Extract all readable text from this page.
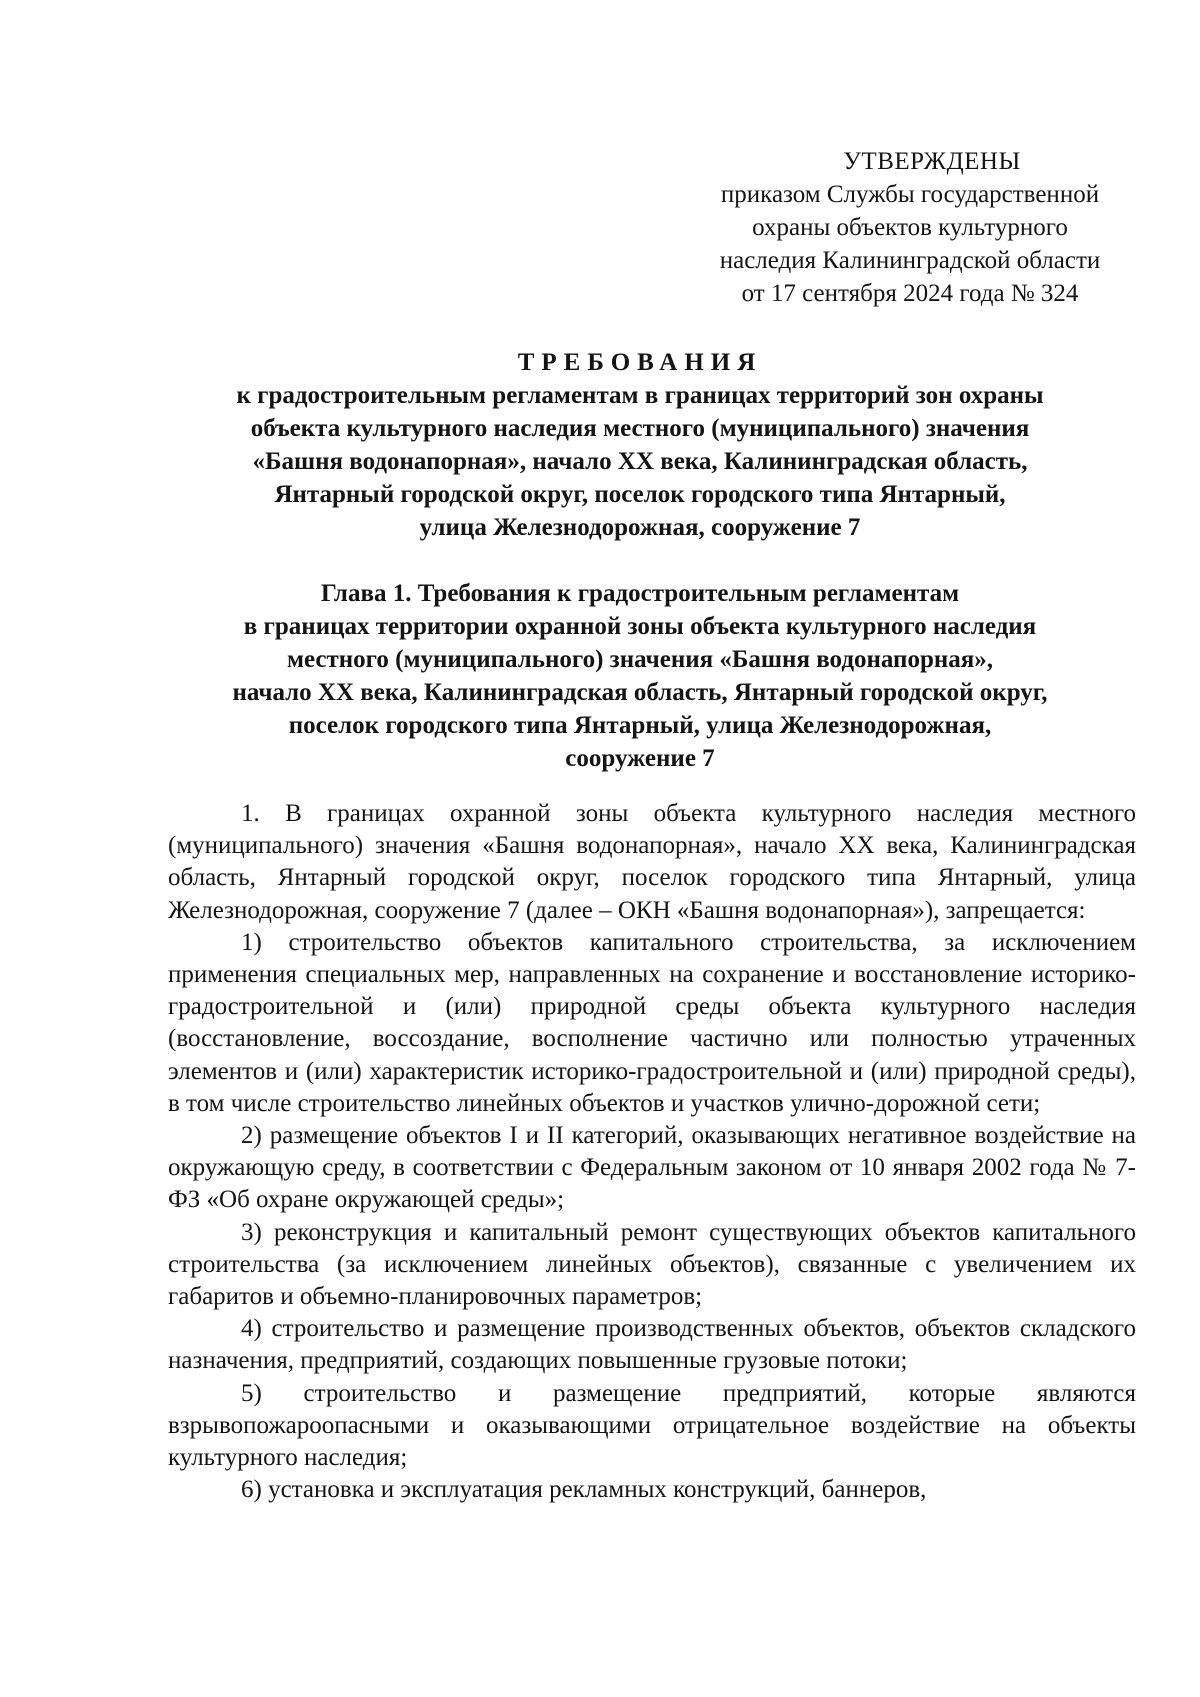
УТВЕРЖДЕНЫ
приказом Службы государственной
охраны объектов культурного
наследия Калининградской области
от 17 сентября 2024 года № 324
ТРЕБОВАНИЯ
к градостроительным регламентам в границах территорий зон охраны
объекта культурного наследия местного (муниципального) значения
«Башня водонапорная», начало XX века, Калининградская область,
Янтарный городской округ, поселок городского типа Янтарный,
улица Железнодорожная, сооружение 7
Глава 1. Требования к градостроительным регламентам
в границах территории охранной зоны объекта культурного наследия
местного (муниципального) значения «Башня водонапорная»,
начало XX века, Калининградская область, Янтарный городской округ,
поселок городского типа Янтарный, улица Железнодорожная,
сооружение 7

1. В границах охранной зоны объекта культурного наследия местного (муниципального) значения «Башня водонапорная», начало XX века, Калининградская область, Янтарный городской округ, поселок городского типа Янтарный, улица Железнодорожная, сооружение 7 (далее – ОКН «Башня водонапорная»), запрещается:

1) строительство объектов капитального строительства, за исключением применения специальных мер, направленных на сохранение и восстановление историко-градостроительной и (или) природной среды объекта культурного наследия (восстановление, воссоздание, восполнение частично или полностью утраченных элементов и (или) характеристик историко-градостроительной и (или) природной среды), в том числе строительство линейных объектов и участков улично-дорожной сети;

2) размещение объектов I и II категорий, оказывающих негативное воздействие на окружающую среду, в соответствии с Федеральным законом от 10 января 2002 года № 7-ФЗ «Об охране окружающей среды»;

3) реконструкция и капитальный ремонт существующих объектов капитального строительства (за исключением линейных объектов), связанные с увеличением их габаритов и объемно-планировочных параметров;

4) строительство и размещение производственных объектов, объектов складского назначения, предприятий, создающих повышенные грузовые потоки;

5) строительство и размещение предприятий, которые являются взрывопожароопасными и оказывающими отрицательное воздействие на объекты культурного наследия;

6) установка и эксплуатация рекламных конструкций, баннеров,
